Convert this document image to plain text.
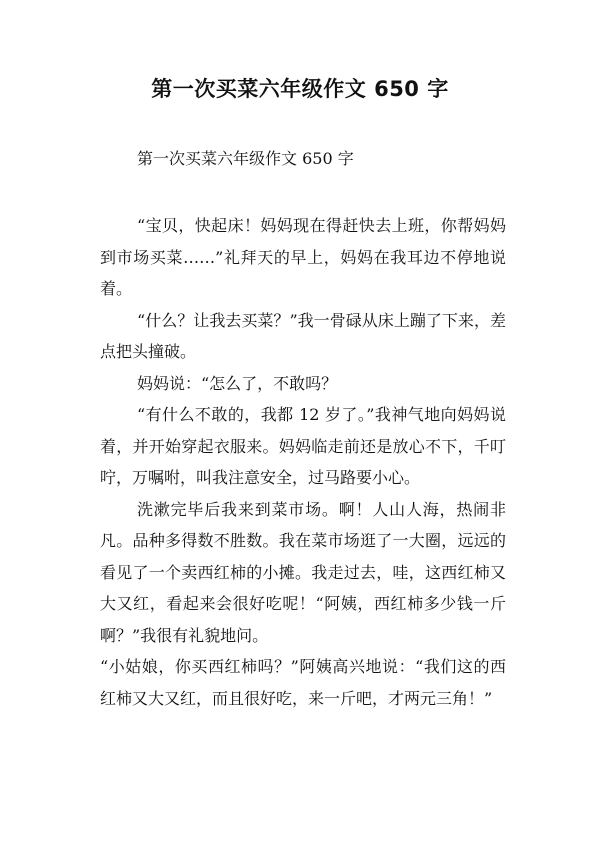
第一次买菜六年级作文 650 字

第一次买菜六年级作文 650 字

“宝贝，快起床！妈妈现在得赶快去上班，你帮妈妈到市场买菜……”礼拜天的早上，妈妈在我耳边不停地说着。

“什么？让我去买菜？”我一骨碌从床上蹦了下来，差点把头撞破。

妈妈说：“怎么了，不敢吗？

“有什么不敢的，我都 12 岁了。”我神气地向妈妈说着，并开始穿起衣服来。妈妈临走前还是放心不下，千叮咛，万嘱咐，叫我注意安全，过马路要小心。

洗漱完毕后我来到菜市场。啊！人山人海，热闹非凡。品种多得数不胜数。我在菜市场逛了一大圈，远远的看见了一个卖西红柿的小摊。我走过去，哇，这西红柿又大又红，看起来会很好吃呢！“阿姨，西红柿多少钱一斤啊？”我很有礼貌地问。

“小姑娘，你买西红柿吗？”阿姨高兴地说：“我们这的西红柿又大又红，而且很好吃，来一斤吧，才两元三角！”
